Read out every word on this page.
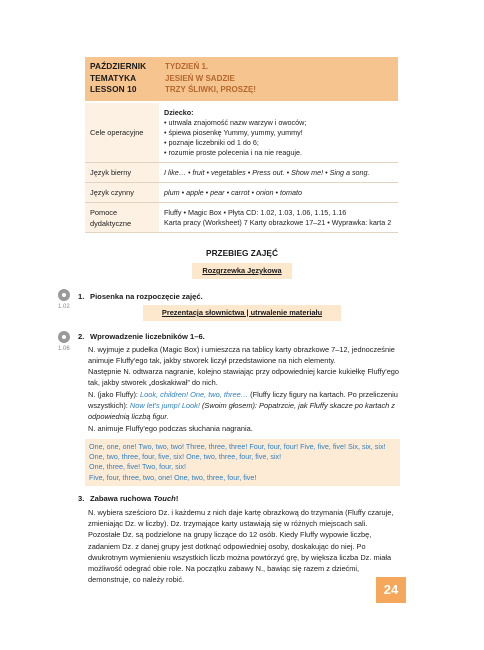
PAŹDZIERNIK
TEMATYKA
LESSON 10
TYDZIEŃ 1.
JESIEŃ W SADZIE
TRZY ŚLIWKI, PROSZĘ!
Cele operacyjne
Dziecko:
• utrwala znajomość nazw warzyw i owoców;
• śpiewa piosenkę Yummy, yummy, yummy!
• poznaje liczebniki od 1 do 6;
• rozumie proste polecenia i na nie reaguje.
Język bierny	I like… • fruit • vegetables • Press out. • Show me! • Sing a song.
Język czynny	plum • apple • pear • carrot • onion • tomato
Pomoce dydaktyczne
Fluffy • Magic Box • Płyta CD: 1.02, 1.03, 1.06, 1.15, 1.16
Karta pracy (Worksheet) 7 Karty obrazkowe 17–21 • Wyprawka: karta 2
PRZEBIEG ZAJĘĆ
Rozgrzewka Językowa
1.02
1. Piosenka na rozpoczęcie zajęć.
Prezentacja słownictwa | utrwalenie materiału
1.06
2. Wprowadzenie liczebników 1–6.
N. wyjmuje z pudełka (Magic Box) i umieszcza na tablicy karty obrazkowe 7–12, jednocześnie animuje Fluffy'ego tak, jakby stworek liczył przedstawione na nich elementy.
Następnie N. odtwarza nagranie, kolejno stawiając przy odpowiedniej karcie kukiełkę Fluffy'ego tak, jakby stworek „doskakiwał” do nich.
N. (jako Fluffy): Look, children! One, two, three… (Fluffy liczy figury na kartach. Po przeliczeniu wszystkich): Now let's jump! Look! (Swoim głosem): Popatrzcie, jak Fluffy skacze po kartach z odpowiednią liczbą figur.
N. animuje Fluffy'ego podczas słuchania nagrania.
One, one, one! Two, two, two! Three, three, three! Four, four, four! Five, five, five! Six, six, six!
One, two, three, four, five, six! One, two, three, four, five, six!
One, three, five! Two, four, six!
Five, four, three, two, one! One, two, three, four, five!
3. Zabawa ruchowa Touch!
N. wybiera sześcioro Dz. i każdemu z nich daje kartę obrazkową do trzymania (Fluffy czaruje, zmieniając Dz. w liczby). Dz. trzymające karty ustawiają się w różnych miejscach sali. Pozostałe Dz. są podzielone na grupy liczące do 12 osób. Kiedy Fluffy wypowie liczbę, zadaniem Dz. z danej grupy jest dotknąć odpowiedniej osoby, doskakując do niej. Po dwukrotnym wymienieniu wszystkich liczb można powtórzyć grę, by większa liczba Dz. miała możliwość odegrać obie role. Na początku zabawy N., bawiąc się razem z dziećmi, demonstruje, co należy robić.
24
